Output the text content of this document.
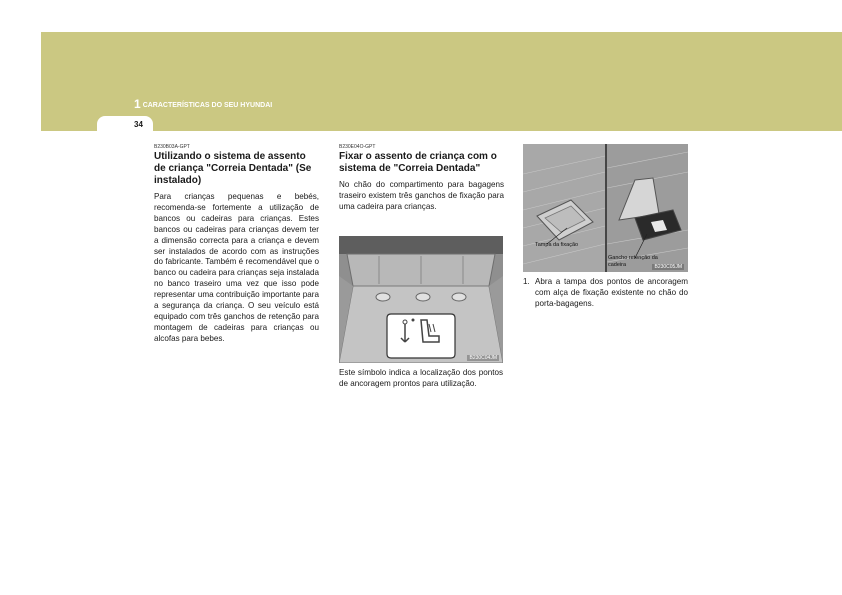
1 CARACTERÍSTICAS DO SEU HYUNDAI
34
B230B03A-GPT
Utilizando o sistema de assento de criança "Correia Dentada" (Se instalado)

Para crianças pequenas e bebés, recomenda-se fortemente a utilização de bancos ou cadeiras para crianças. Estes bancos ou cadeiras para crianças devem ter a dimensão correcta para a criança e devem ser instalados de acordo com as instruções do fabricante. Também é recomendável que o banco ou cadeira para crianças seja instalada no banco traseiro uma vez que isso pode representar uma contribuição importante para a segurança da criança. O seu veículo está equipado com três ganchos de retenção para montagem de cadeiras para crianças ou alcofas para bebes.

B230E04O-GPT
Fixar o assento de criança com o sistema de "Correia Dentada"

No chão do compartimento para bagagens traseiro existem três ganchos de fixação para uma cadeira para crianças.

B230C04JM

Este símbolo indica a localização dos pontos de ancoragem prontos para utilização.

Tampa da fixação
Gancho retenção da cadeira	B230C05JM
1. Abra a tampa dos pontos de ancoragem com alça de fixação existente no chão do porta-bagagens.
